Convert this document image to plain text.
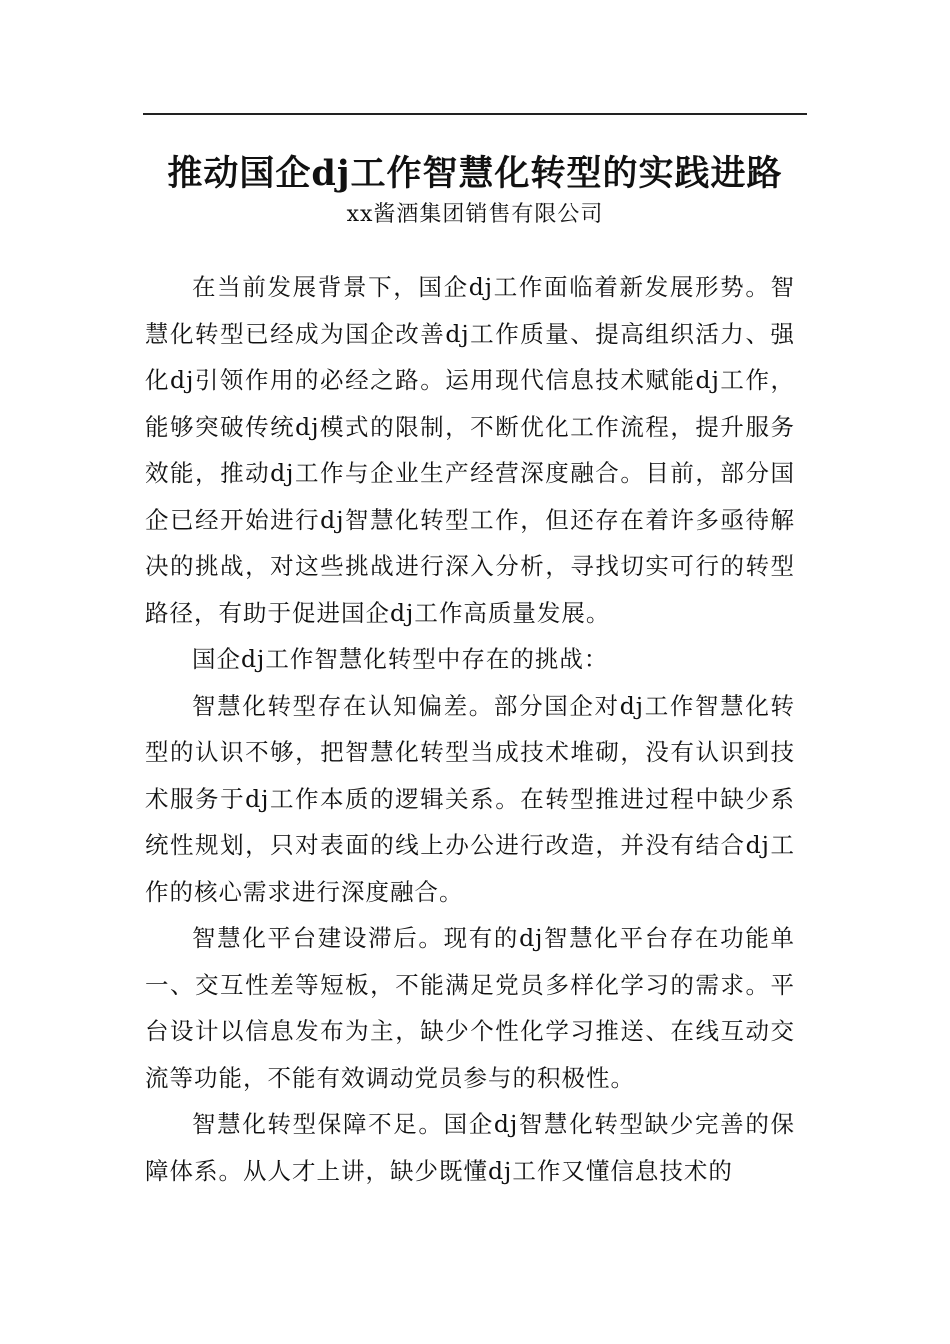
推动国企dj工作智慧化转型的实践进路
xx酱酒集团销售有限公司

在当前发展背景下，国企dj工作面临着新发展形势。智慧化转型已经成为国企改善dj工作质量、提高组织活力、强化dj引领作用的必经之路。运用现代信息技术赋能dj工作，能够突破传统dj模式的限制，不断优化工作流程，提升服务效能，推动dj工作与企业生产经营深度融合。目前，部分国企已经开始进行dj智慧化转型工作，但还存在着许多亟待解决的挑战，对这些挑战进行深入分析，寻找切实可行的转型路径，有助于促进国企dj工作高质量发展。

国企dj工作智慧化转型中存在的挑战：

智慧化转型存在认知偏差。部分国企对dj工作智慧化转型的认识不够，把智慧化转型当成技术堆砌，没有认识到技术服务于dj工作本质的逻辑关系。在转型推进过程中缺少系统性规划，只对表面的线上办公进行改造，并没有结合dj工作的核心需求进行深度融合。

智慧化平台建设滞后。现有的dj智慧化平台存在功能单一、交互性差等短板，不能满足党员多样化学习的需求。平台设计以信息发布为主，缺少个性化学习推送、在线互动交流等功能，不能有效调动党员参与的积极性。

智慧化转型保障不足。国企dj智慧化转型缺少完善的保障体系。从人才上讲，缺少既懂dj工作又懂信息技术的
